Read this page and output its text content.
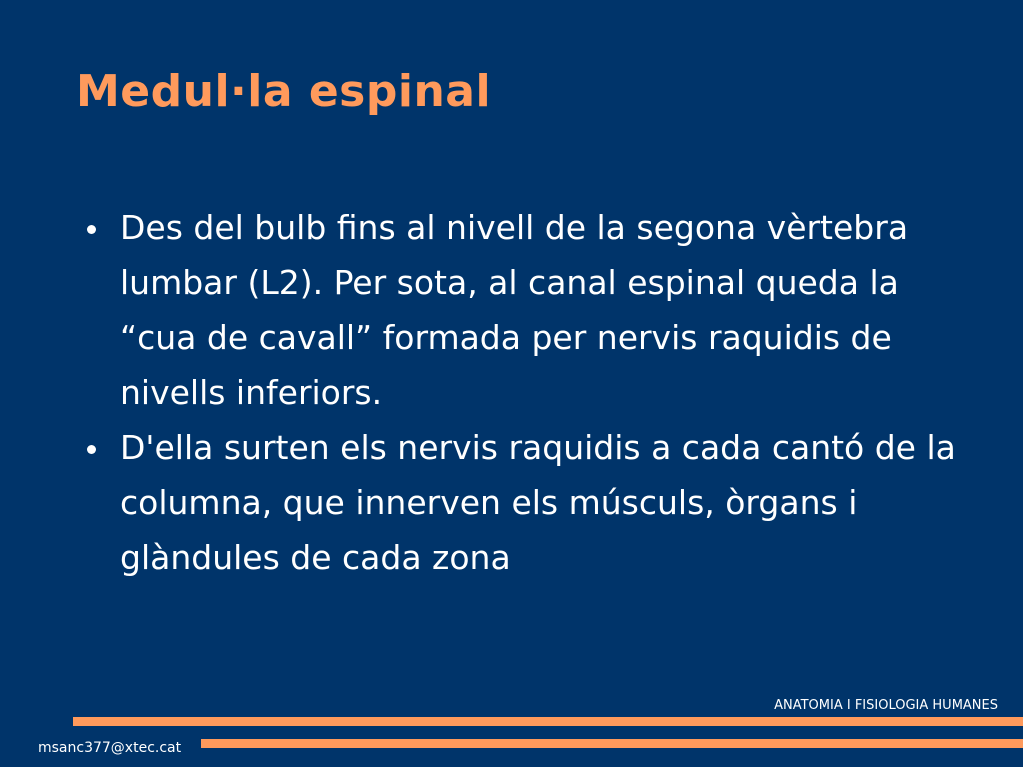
Medul·la espinal
Des del bulb fins al nivell de la segona vèrtebra lumbar (L2). Per sota, al canal espinal queda la “cua de cavall” formada per nervis raquidis de nivells inferiors.
D'ella surten els nervis raquidis a cada cantó de la columna, que innerven els músculs, òrgans i glàndules de cada zona
ANATOMIA I FISIOLOGIA HUMANES
msanc377@xtec.cat
